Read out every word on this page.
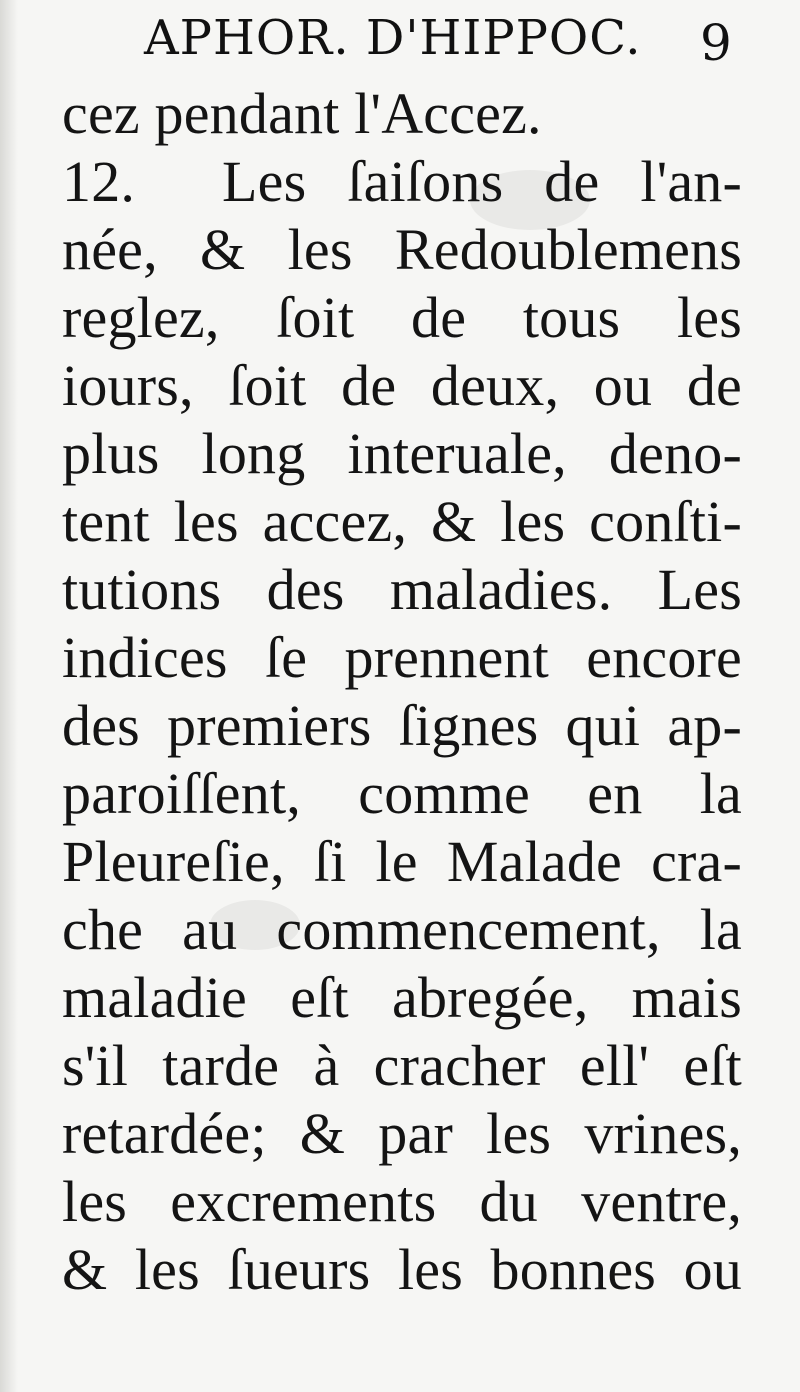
APHOR. D'HIPPOC. 9
cez pendant l'Accez.
12. Les ſaiſons de l'an-
née, & les Redoublemens
reglez, ſoit de tous les
iours, ſoit de deux, ou de
plus long interuale, deno-
tent les accez, & les conſti-
tutions des maladies. Les
indices ſe prennent encore
des premiers ſignes qui ap-
paroiſſent, comme en la
Pleureſie, ſi le Malade cra-
che au commencement, la
maladie eſt abregée, mais
s'il tarde à cracher ell' eſt
retardée; & par les vrines,
les excrements du ventre,
& les ſueurs les bonnes ou
